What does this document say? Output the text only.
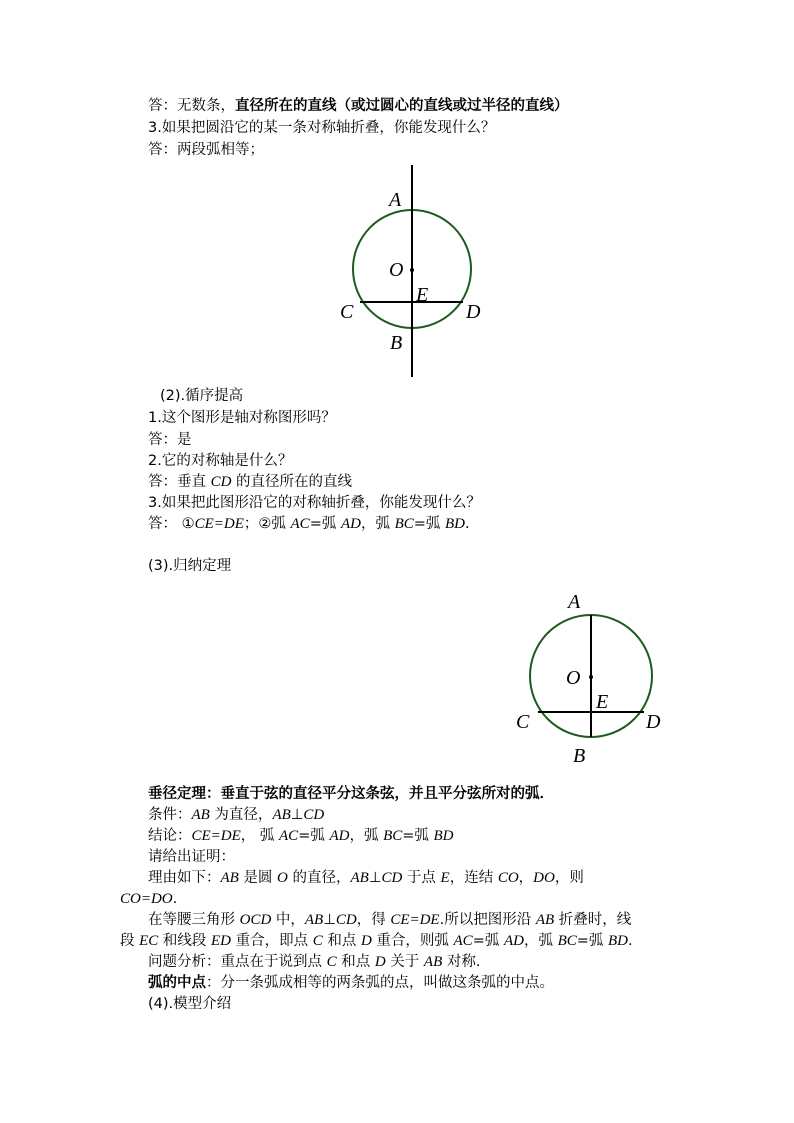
答：无数条，直径所在的直线（或过圆心的直线或过半径的直线）
3.如果把圆沿它的某一条对称轴折叠，你能发现什么？
答：两段弧相等；
A
O
E
C	D
B
(2).循序提高
1.这个图形是轴对称图形吗？
答：是
2.它的对称轴是什么？
答：垂直 CD 的直径所在的直线
3.如果把此图形沿它的对称轴折叠，你能发现什么？
答： ①CE=DE；②弧 AC=弧 AD，弧 BC=弧 BD.
(3).归纳定理
A
O
E
C	D
B
垂径定理：垂直于弦的直径平分这条弦，并且平分弦所对的弧．
条件：AB 为直径，AB⊥CD
结论：CE=DE， 弧 AC=弧 AD，弧 BC=弧 BD
请给出证明：
理由如下：AB 是圆 O 的直径，AB⊥CD 于点 E，连结 CO，DO，则
CO=DO.
在等腰三角形 OCD 中，AB⊥CD，得 CE=DE.所以把图形沿 AB 折叠时，线
段 EC 和线段 ED 重合，即点 C 和点 D 重合，则弧 AC=弧 AD，弧 BC=弧 BD.
问题分析：重点在于说到点 C 和点 D 关于 AB 对称.
弧的中点：分一条弧成相等的两条弧的点，叫做这条弧的中点。
(4).模型介绍
